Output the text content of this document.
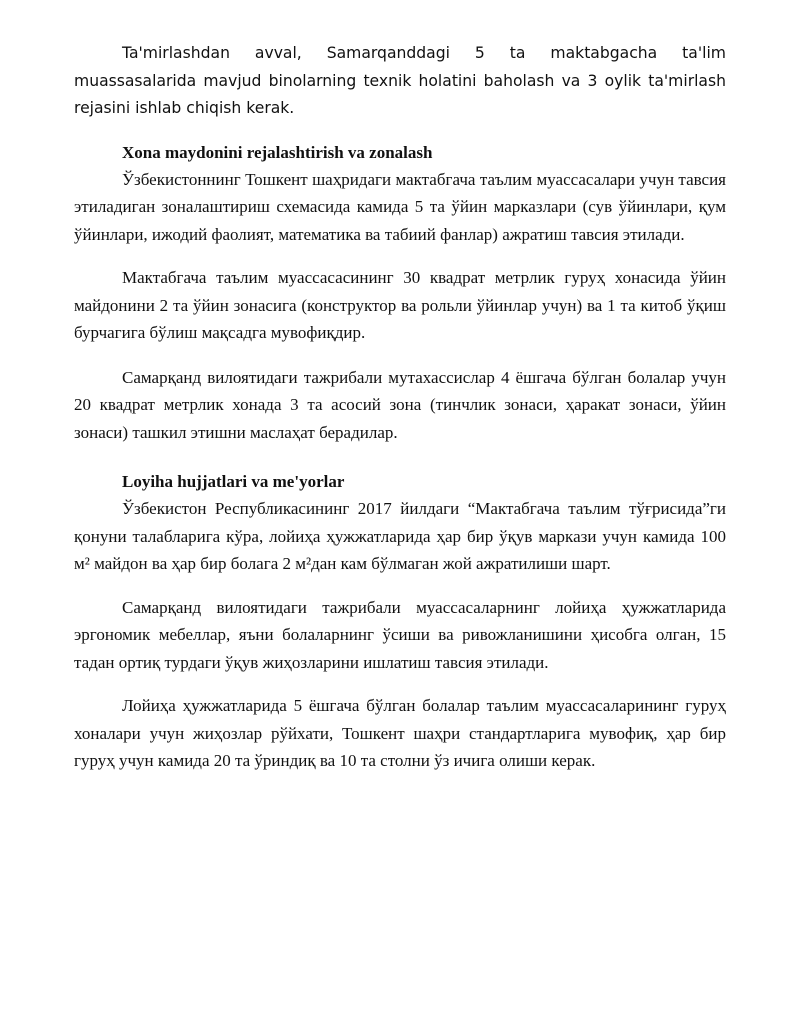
Ta'mirlashdan avval, Samarqanddagi 5 ta maktabgacha ta'lim muassasalarida mavjud binolarning texnik holatini baholash va 3 oylik ta'mirlash rejasini ishlab chiqish kerak.

Xona maydonini rejalashtirish va zonalash

Ўзбекистоннинг Тошкент шаҳридаги мактабгача таълим муассасалари учун тавсия этиладиган зоналаштириш схемасида камида 5 та ўйин марказлари (сув ўйинлари, қум ўйинлари, ижодий фаолият, математика ва табиий фанлар) ажратиш тавсия этилади.

Мактабгача таълим муассасасининг 30 квадрат метрлик гуруҳ хонасида ўйин майдонини 2 та ўйин зонасига (конструктор ва рольли ўйинлар учун) ва 1 та китоб ўқиш бурчагига бўлиш мақсадга мувофиқдир.

Самарқанд вилоятидаги тажрибали мутахассислар 4 ёшгача бўлган болалар учун 20 квадрат метрлик хонада 3 та асосий зона (тинчлик зонаси, ҳаракат зонаси, ўйин зонаси) ташкил этишни маслаҳат берадилар.

Loyiha hujjatlari va me'yorlar

Ўзбекистон Республикасининг 2017 йилдаги “Мактабгача таълим тўғрисида”ги қонуни талабларига кўра, лойиҳа ҳужжатларида ҳар бир ўқув маркази учун камида 100 м² майдон ва ҳар бир болага 2 м²дан кам бўлмаган жой ажратилиши шарт.

Самарқанд вилоятидаги тажрибали муассасаларнинг лойиҳа ҳужжатларида эргономик мебеллар, яъни болаларнинг ўсиши ва ривожланишини ҳисобга олган, 15 тадан ортиқ турдаги ўқув жиҳозларини ишлатиш тавсия этилади.

Лойиҳа ҳужжатларида 5 ёшгача бўлган болалар таълим муассасаларининг гуруҳ хоналари учун жиҳозлар рўйхати, Тошкент шаҳри стандартларига мувофиқ, ҳар бир гуруҳ учун камида 20 та ўриндиқ ва 10 та столни ўз ичига олиши керак.
